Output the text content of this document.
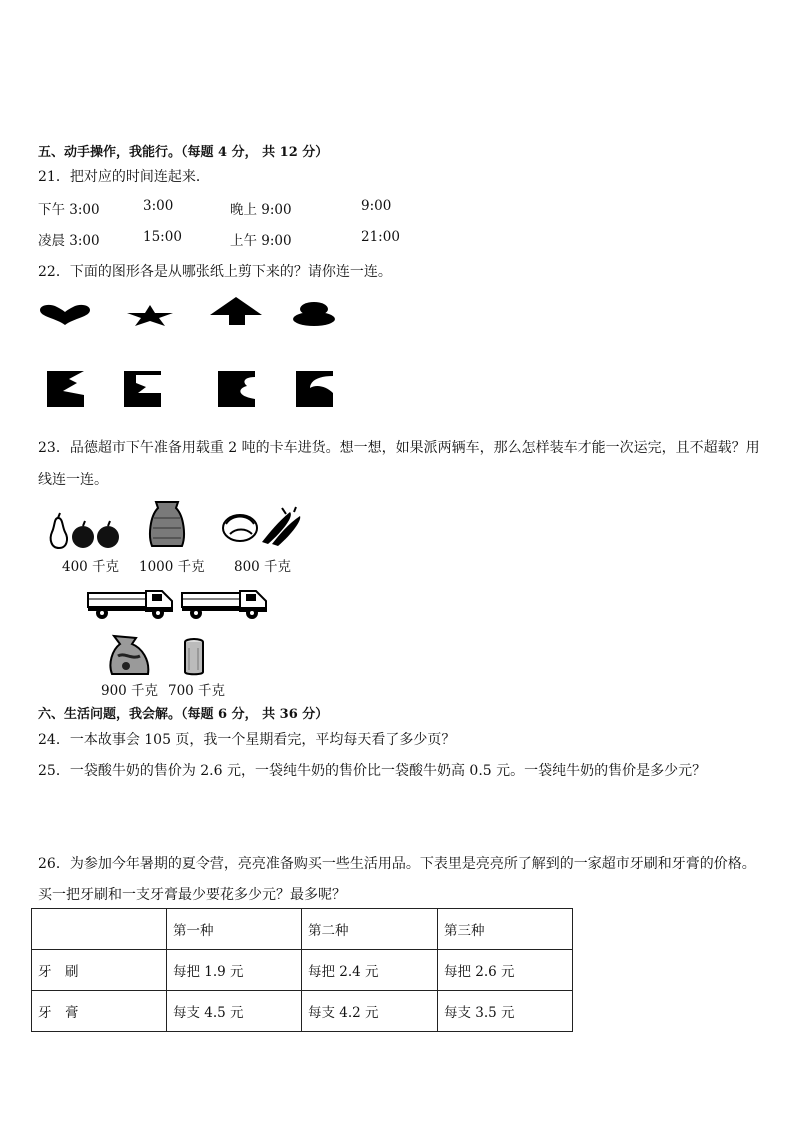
五、动手操作，我能行。（每题 4 分， 共 12 分）
21．把对应的时间连起来．
下午 3:00	3:00	晚上 9:00	9:00
凌晨 3:00	15:00	上午 9:00	21:00
22．下面的图形各是从哪张纸上剪下来的？请你连一连。
23．品德超市下午准备用载重 2 吨的卡车进货。想一想，如果派两辆车，那么怎样装车才能一次运完，且不超载？用
线连一连。
400 千克 1000 千克 800 千克
900 千克 700 千克
六、生活问题，我会解。（每题 6 分， 共 36 分）
24．一本故事会 105 页，我一个星期看完，平均每天看了多少页？
25．一袋酸牛奶的售价为 2.6 元，一袋纯牛奶的售价比一袋酸牛奶高 0.5 元。一袋纯牛奶的售价是多少元？
26．为参加今年暑期的夏令营，亮亮准备购买一些生活用品。下表里是亮亮所了解到的一家超市牙刷和牙膏的价格。
买一把牙刷和一支牙膏最少要花多少元？最多呢？
	第一种	第二种	第三种
牙　刷	每把 1.9 元	每把 2.4 元	每把 2.6 元
牙　膏	每支 4.5 元	每支 4.2 元	每支 3.5 元
